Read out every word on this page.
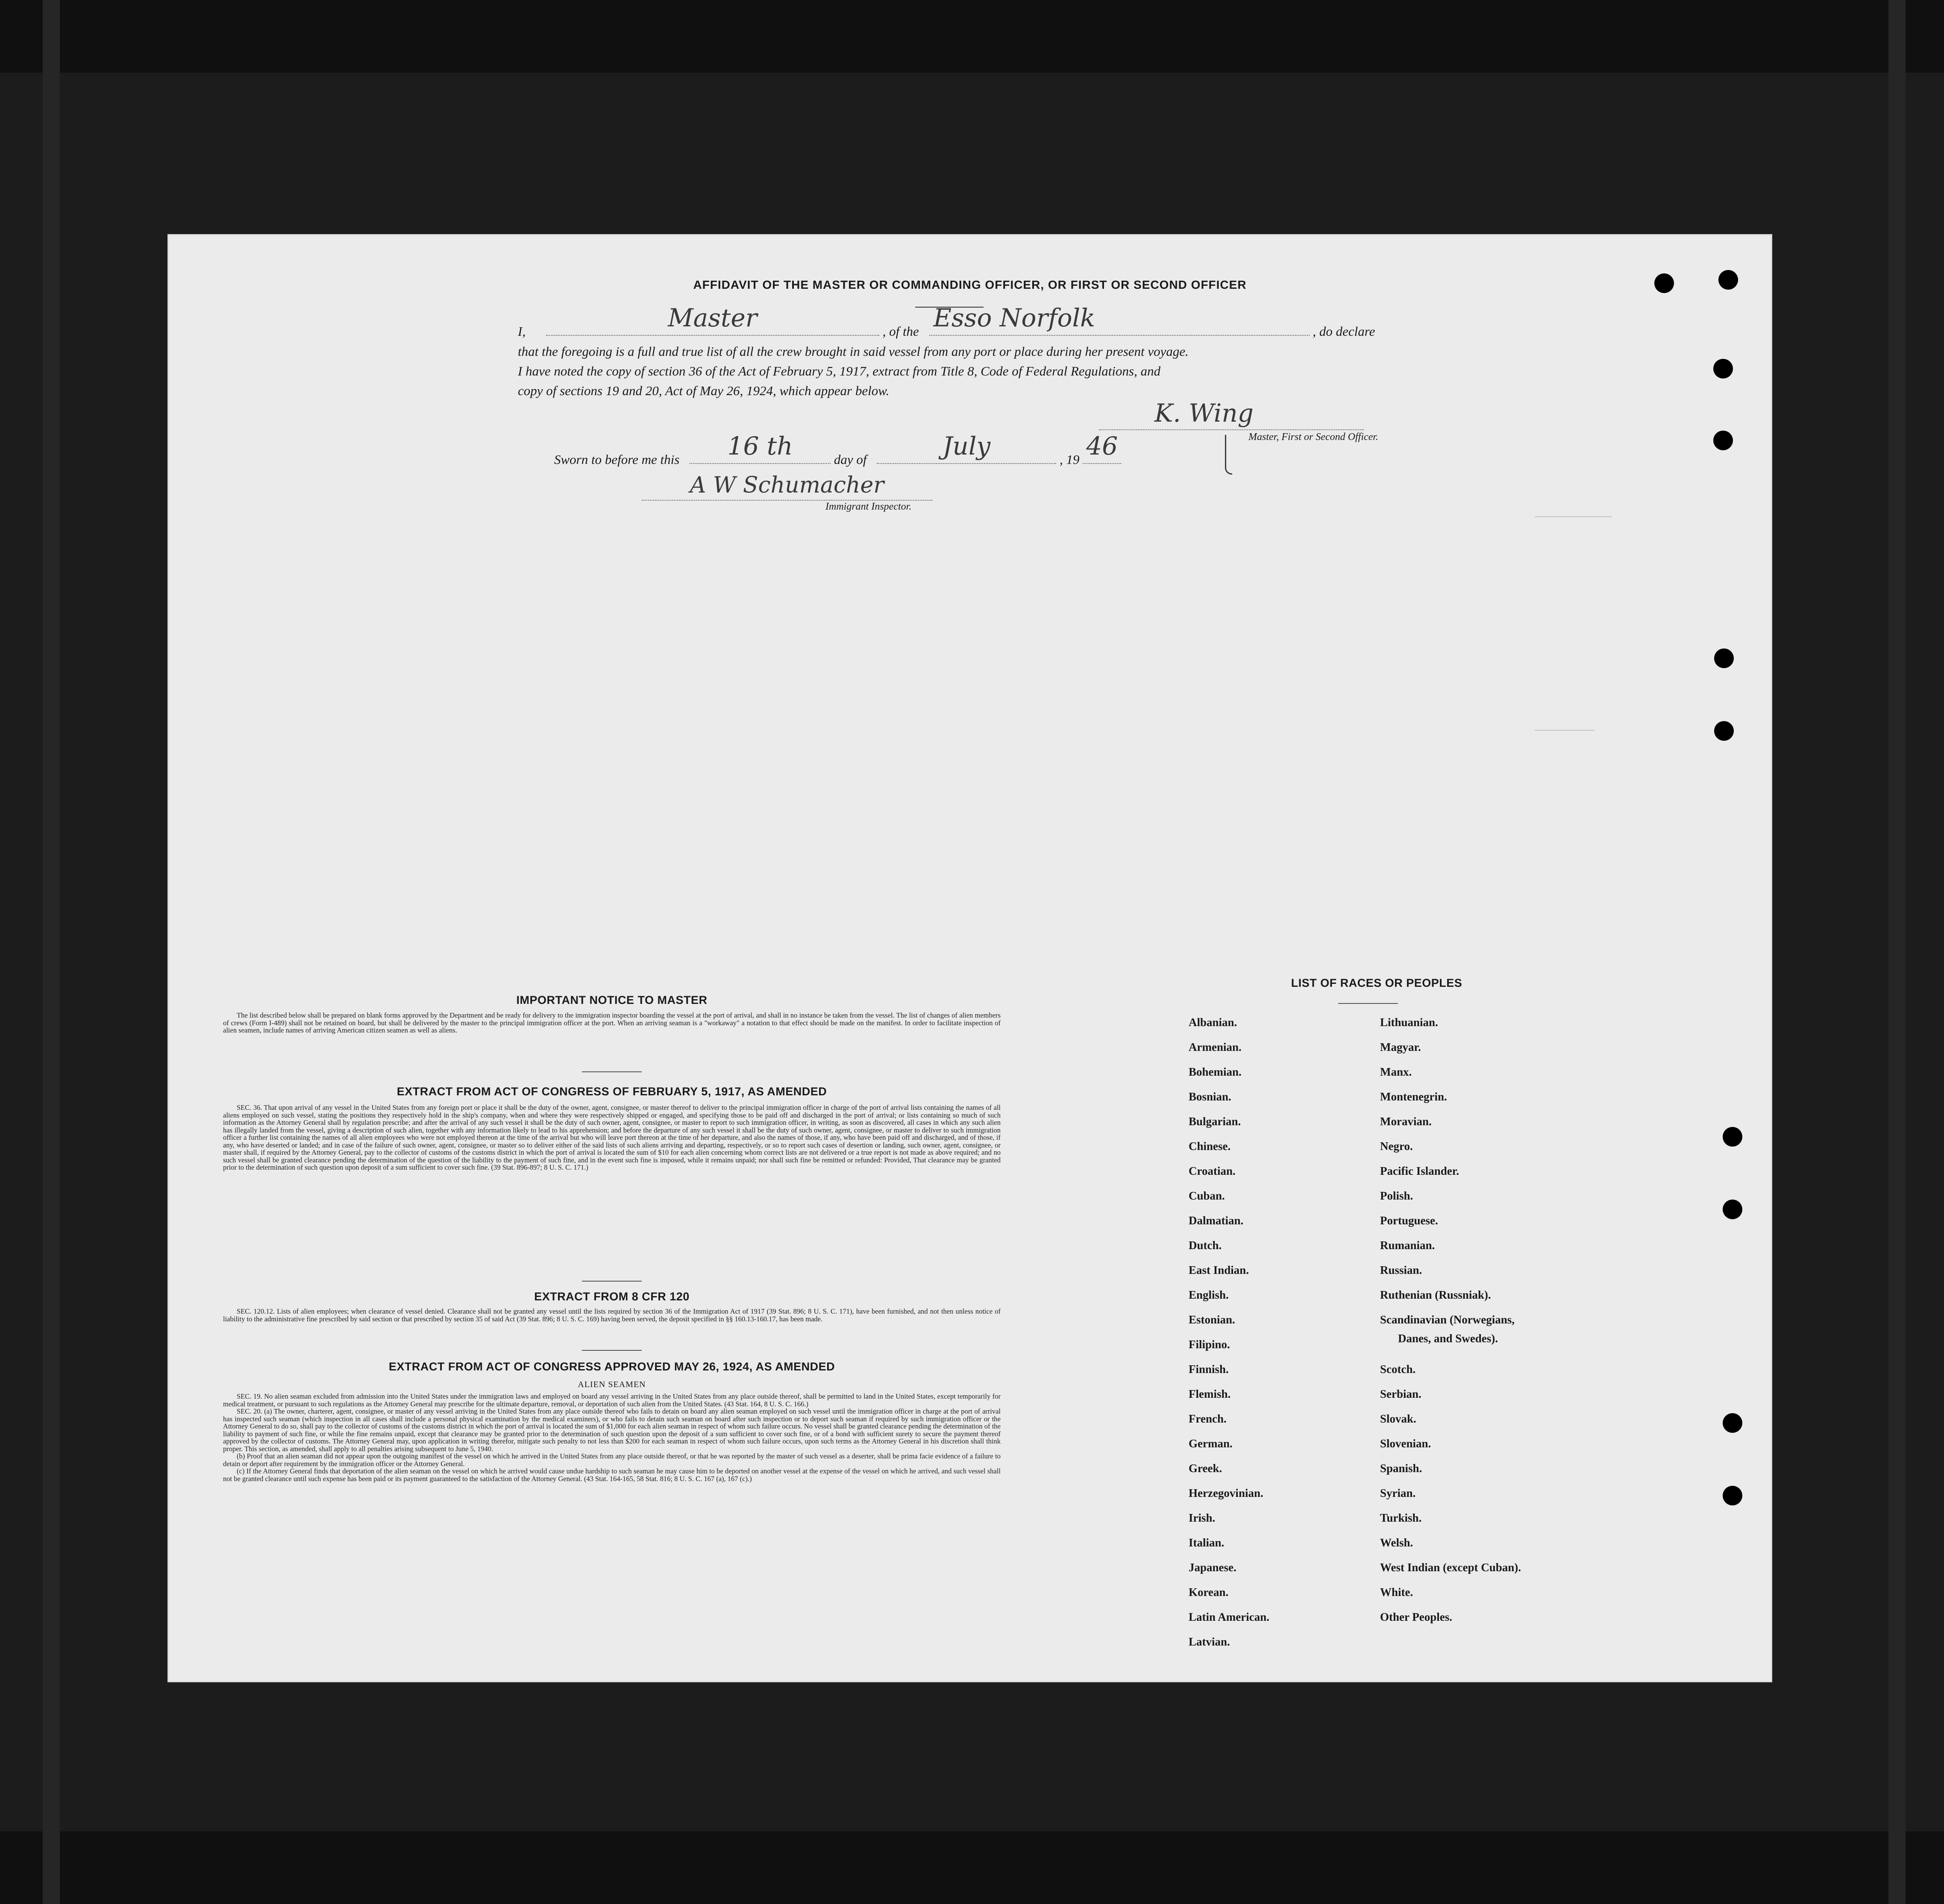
AFFIDAVIT OF THE MASTER OR COMMANDING OFFICER, OR FIRST OR SECOND OFFICER
I,	Master	, of the Esso Norfolk	, do declare
that the foregoing is a full and true list of all the crew brought in said vessel from any port or place during her present voyage.
I have noted the copy of section 36 of the Act of February 5, 1917, extract from Title 8, Code of Federal Regulations, and
copy of sections 19 and 20, Act of May 26, 1924, which appear below.
K. Wing
Master, First or Second Officer.
Sworn to before me this	16 th	day of	July	, 19 46
A W Schumacher
Immigrant Inspector.
IMPORTANT NOTICE TO MASTER

The list described below shall be prepared on blank forms approved by the Department and be ready for delivery to the immigration inspector boarding the vessel at the port of arrival, and shall in no instance be taken from the vessel. The list of changes of alien members of crews (Form I-489) shall not be retained on board, but shall be delivered by the master to the principal immigration officer at the port. When an arriving seaman is a "workaway" a notation to that effect should be made on the manifest. In order to facilitate inspection of alien seamen, include names of arriving American citizen seamen as well as aliens.

EXTRACT FROM ACT OF CONGRESS OF FEBRUARY 5, 1917, AS AMENDED

SEC. 36. That upon arrival of any vessel in the United States from any foreign port or place it shall be the duty of the owner, agent, consignee, or master thereof to deliver to the principal immigration officer in charge of the port of arrival lists containing the names of all aliens employed on such vessel, stating the positions they respectively hold in the ship's company, when and where they were respectively shipped or engaged, and specifying those to be paid off and discharged in the port of arrival; or lists containing so much of such information as the Attorney General shall by regulation prescribe; and after the arrival of any such vessel it shall be the duty of such owner, agent, consignee, or master to report to such immigration officer, in writing, as soon as discovered, all cases in which any such alien has illegally landed from the vessel, giving a description of such alien, together with any information likely to lead to his apprehension; and before the departure of any such vessel it shall be the duty of such owner, agent, consignee, or master to deliver to such immigration officer a further list containing the names of all alien employees who were not employed thereon at the time of the arrival but who will leave port thereon at the time of her departure, and also the names of those, if any, who have been paid off and discharged, and of those, if any, who have deserted or landed; and in case of the failure of such owner, agent, consignee, or master so to deliver either of the said lists of such aliens arriving and departing, respectively, or so to report such cases of desertion or landing, such owner, agent, consignee, or master shall, if required by the Attorney General, pay to the collector of customs of the customs district in which the port of arrival is located the sum of $10 for each alien concerning whom correct lists are not delivered or a true report is not made as above required; and no such vessel shall be granted clearance pending the determination of the question of the liability to the payment of such fine, and in the event such fine is imposed, while it remains unpaid; nor shall such fine be remitted or refunded: Provided, That clearance may be granted prior to the determination of such question upon deposit of a sum sufficient to cover such fine. (39 Stat. 896-897; 8 U. S. C. 171.)

EXTRACT FROM 8 CFR 120

SEC. 120.12. Lists of alien employees; when clearance of vessel denied. Clearance shall not be granted any vessel until the lists required by section 36 of the Immigration Act of 1917 (39 Stat. 896; 8 U. S. C. 171), have been furnished, and not then unless notice of liability to the administrative fine prescribed by said section or that prescribed by section 35 of said Act (39 Stat. 896; 8 U. S. C. 169) having been served, the deposit specified in §§ 160.13-160.17, has been made.

EXTRACT FROM ACT OF CONGRESS APPROVED MAY 26, 1924, AS AMENDED
ALIEN SEAMEN

SEC. 19. No alien seaman excluded from admission into the United States under the immigration laws and employed on board any vessel arriving in the United States from any place outside thereof, shall be permitted to land in the United States, except temporarily for medical treatment, or pursuant to such regulations as the Attorney General may prescribe for the ultimate departure, removal, or deportation of such alien from the United States. (43 Stat. 164, 8 U. S. C. 166.)

SEC. 20. (a) The owner, charterer, agent, consignee, or master of any vessel arriving in the United States from any place outside thereof who fails to detain on board any alien seaman employed on such vessel until the immigration officer in charge at the port of arrival has inspected such seaman (which inspection in all cases shall include a personal physical examination by the medical examiners), or who fails to detain such seaman on board after such inspection or to deport such seaman if required by such immigration officer or the Attorney General to do so, shall pay to the collector of customs of the customs district in which the port of arrival is located the sum of $1,000 for each alien seaman in respect of whom such failure occurs. No vessel shall be granted clearance pending the determination of the liability to payment of such fine, or while the fine remains unpaid, except that clearance may be granted prior to the determination of such question upon the deposit of a sum sufficient to cover such fine, or of a bond with sufficient surety to secure the payment thereof approved by the collector of customs. The Attorney General may, upon application in writing therefor, mitigate such penalty to not less than $200 for each seaman in respect of whom such failure occurs, upon such terms as the Attorney General in his discretion shall think proper. This section, as amended, shall apply to all penalties arising subsequent to June 5, 1940.

(b) Proof that an alien seaman did not appear upon the outgoing manifest of the vessel on which he arrived in the United States from any place outside thereof, or that he was reported by the master of such vessel as a deserter, shall be prima facie evidence of a failure to detain or deport after requirement by the immigration officer or the Attorney General.

(c) If the Attorney General finds that deportation of the alien seaman on the vessel on which he arrived would cause undue hardship to such seaman he may cause him to be deported on another vessel at the expense of the vessel on which he arrived, and such vessel shall not be granted clearance until such expense has been paid or its payment guaranteed to the satisfaction of the Attorney General. (43 Stat. 164-165, 58 Stat. 816; 8 U. S. C. 167 (a), 167 (c).)

LIST OF RACES OR PEOPLES
Albanian.
Armenian.
Bohemian.
Bosnian.
Bulgarian.
Chinese.
Croatian.
Cuban.
Dalmatian.
Dutch.
East Indian.
English.
Estonian.
Filipino.
Finnish.
Flemish.
French.
German.
Greek.
Herzegovinian.
Irish.
Italian.
Japanese.
Korean.
Latin American.
Latvian.
Lithuanian.
Magyar.
Manx.
Montenegrin.
Moravian.
Negro.
Pacific Islander.
Polish.
Portuguese.
Rumanian.
Russian.
Ruthenian (Russniak).
Scandinavian (Norwegians,
Danes, and Swedes).
Scotch.
Serbian.
Slovak.
Slovenian.
Spanish.
Syrian.
Turkish.
Welsh.
West Indian (except Cuban).
White.
Other Peoples.
